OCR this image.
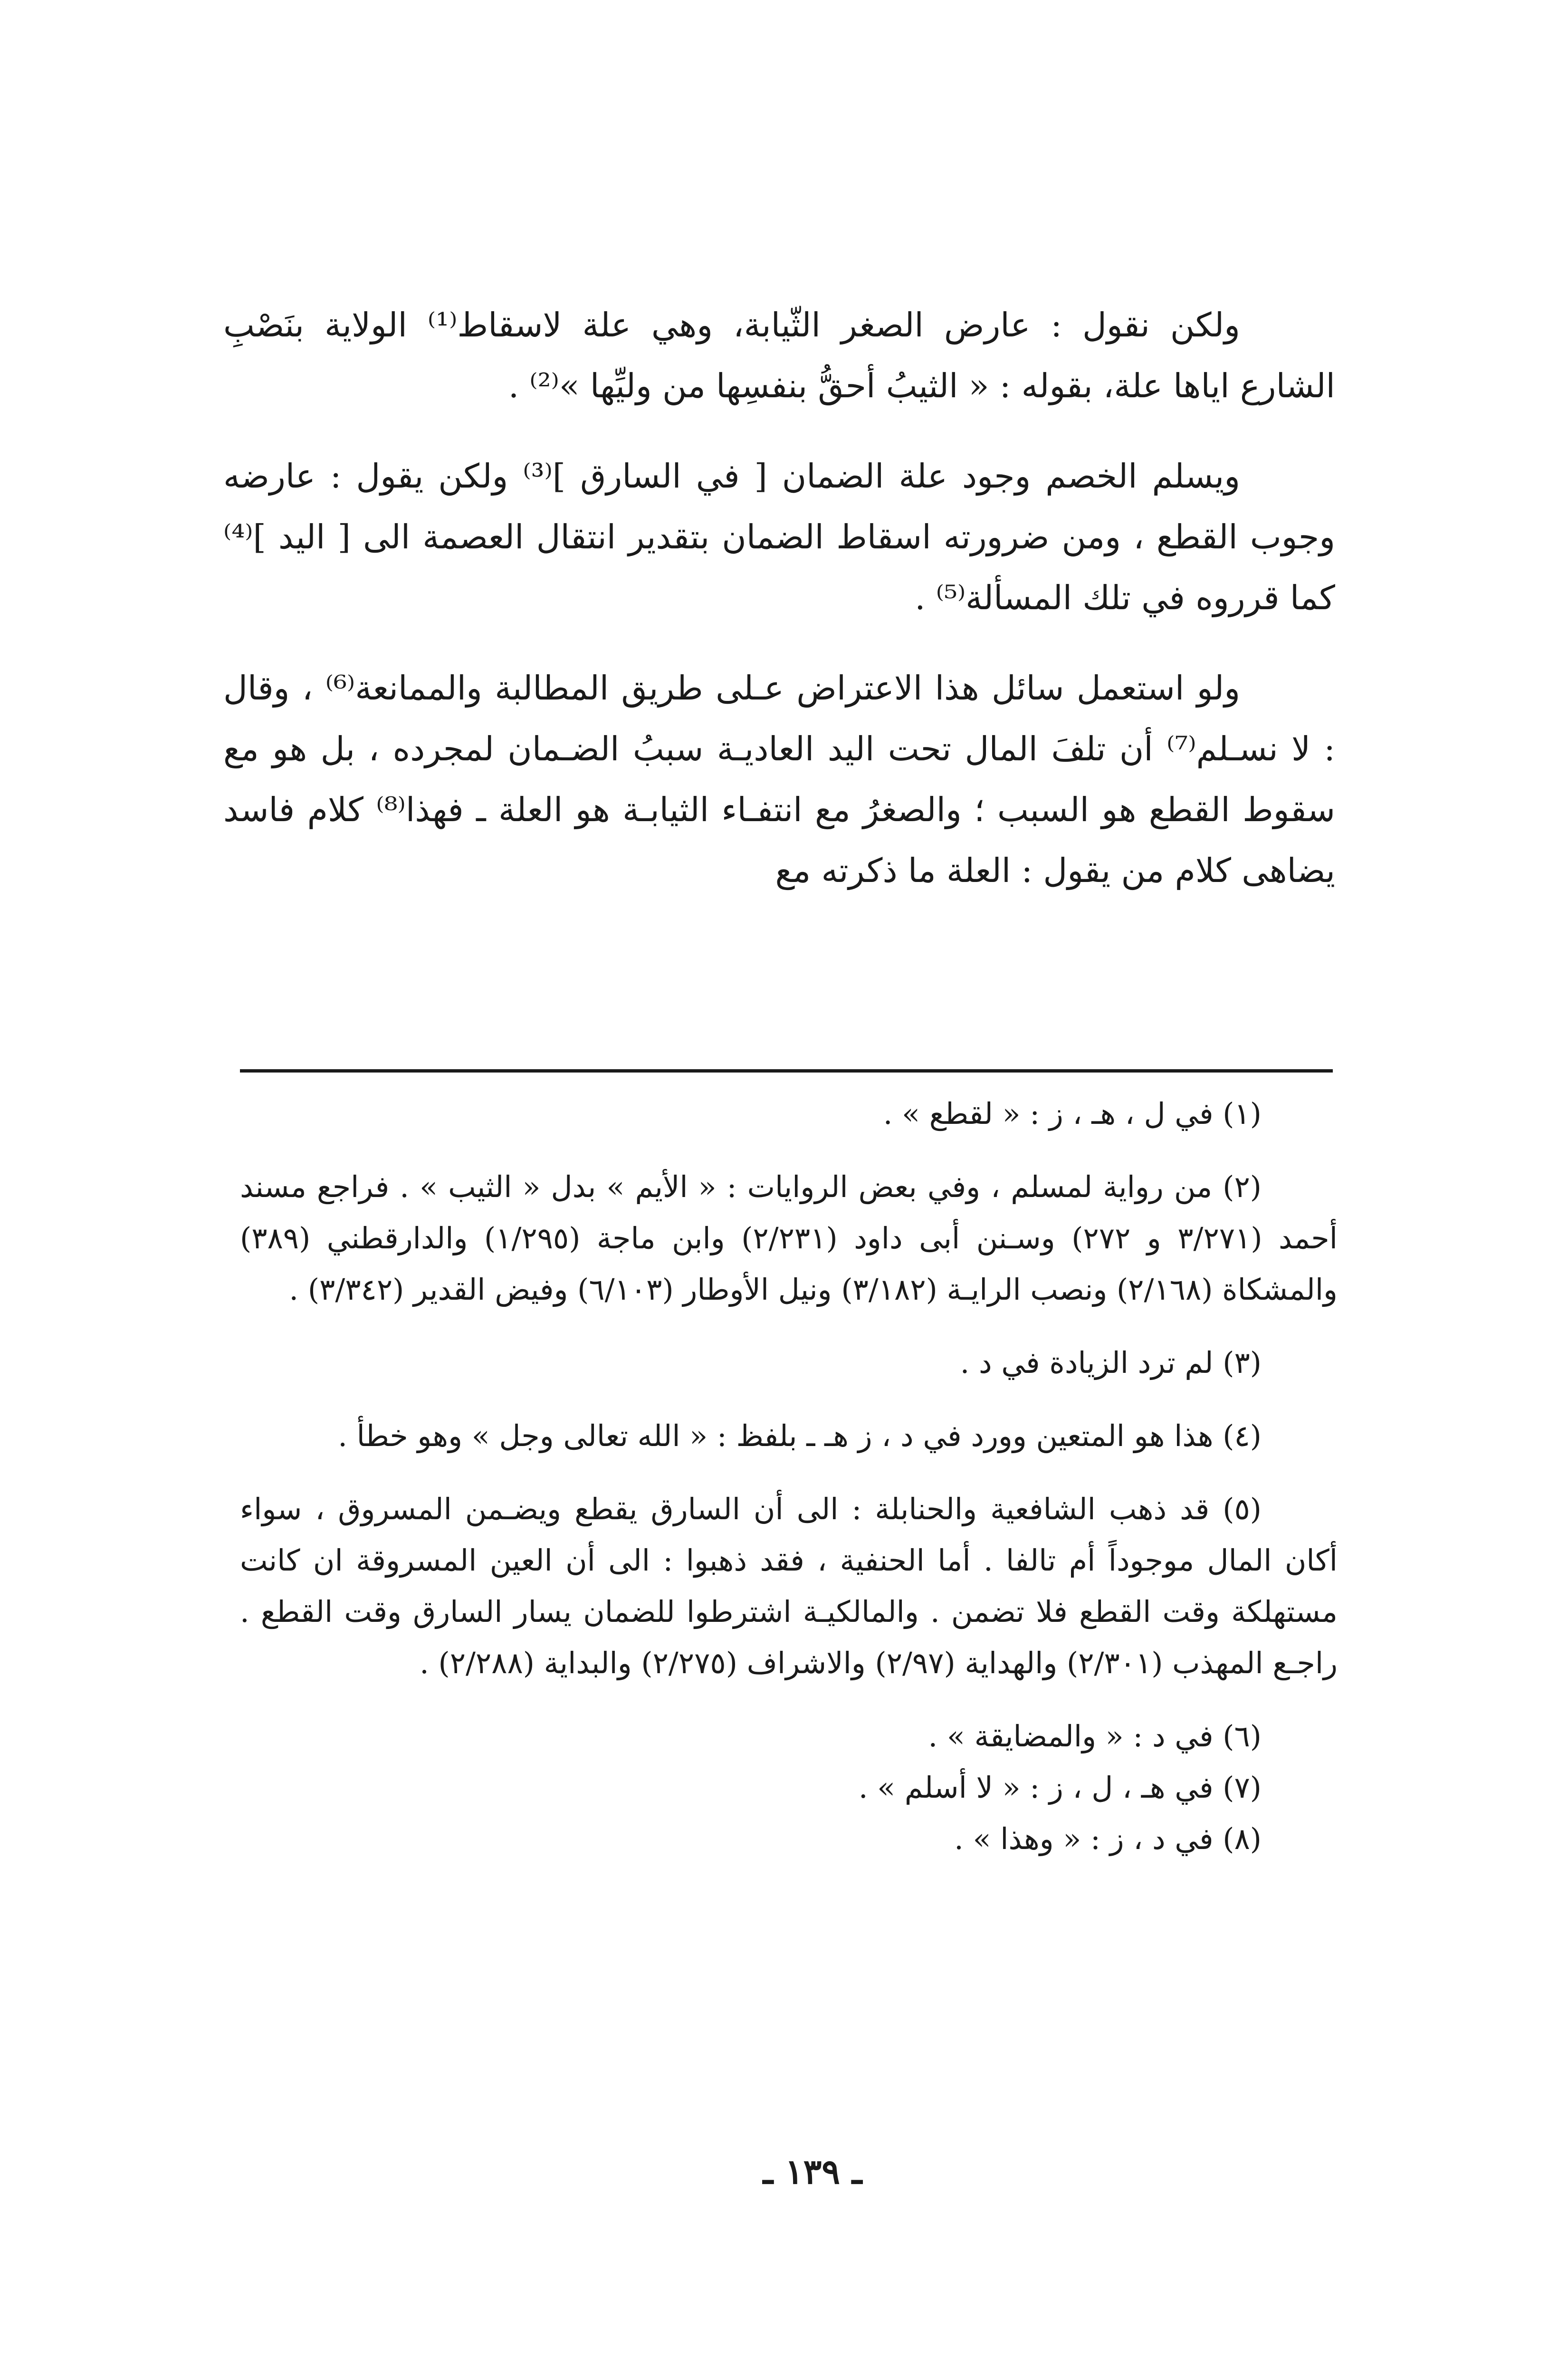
ولكن نقول : عارض الصغر الثّيابة، وهي علة لاسقاط⁽¹⁾ الولاية بنَصْبِ الشارع اياها علة، بقوله : « الثيبُ أحقُّ بنفسِها من وليِّها »⁽²⁾ .

ويسلم الخصم وجود علة الضمان [ في السارق ]⁽³⁾ ولكن يقول : عارضه وجوب القطع ، ومن ضرورته اسقاط الضمان بتقدير انتقال العصمة الى [ اليد ]⁽⁴⁾ كما قرروه في تلك المسألة⁽⁵⁾ .

ولو استعمل سائل هذا الاعتراض عـلى طريق المطالبة والممانعة⁽⁶⁾ ، وقال : لا نسـلم⁽⁷⁾ أن تلفَ المال تحت اليد العاديـة سببُ الضـمان لمجرده ، بل هو مع سقوط القطع هو السبب ؛ والصغرُ مع انتفـاء الثيابـة هو العلة ـ فهذا⁽⁸⁾ كلام فاسد يضاهى كلام من يقول : العلة ما ذكرته مع

(١) في ل ، هـ ، ز : « لقطع » .

(٢) من رواية لمسلم ، وفي بعض الروايات : « الأيم » بدل « الثيب » . فراجع مسند أحمد (٣/٢٧١ و ٢٧٢) وسـنن أبى داود (٢/٢٣١) وابن ماجة (١/٢٩٥) والدارقطني (٣٨٩) والمشكاة (٢/١٦٨) ونصب الرايـة (٣/١٨٢) ونيل الأوطار (٦/١٠٣) وفيض القدير (٣/٣٤٢) .

(٣) لم ترد الزيادة في د .

(٤) هذا هو المتعين وورد في د ، ز هـ ـ بلفظ : « الله تعالى وجل » وهو خطأ .

(٥) قد ذهب الشافعية والحنابلة : الى أن السارق يقطع ويضـمن المسروق ، سواء أكان المال موجوداً أم تالفا . أما الحنفية ، فقد ذهبوا : الى أن العين المسروقة ان كانت مستهلكة وقت القطع فلا تضمن . والمالكيـة اشترطوا للضمان يسار السارق وقت القطع . راجـع المهذب (٢/٣٠١) والهداية (٢/٩٧) والاشراف (٢/٢٧٥) والبداية (٢/٢٨٨) .

(٦) في د : « والمضايقة » .

(٧) في هـ ، ل ، ز : « لا أسلم » .

(٨) في د ، ز : « وهذا » .

ـ ١٣٩ ـ
